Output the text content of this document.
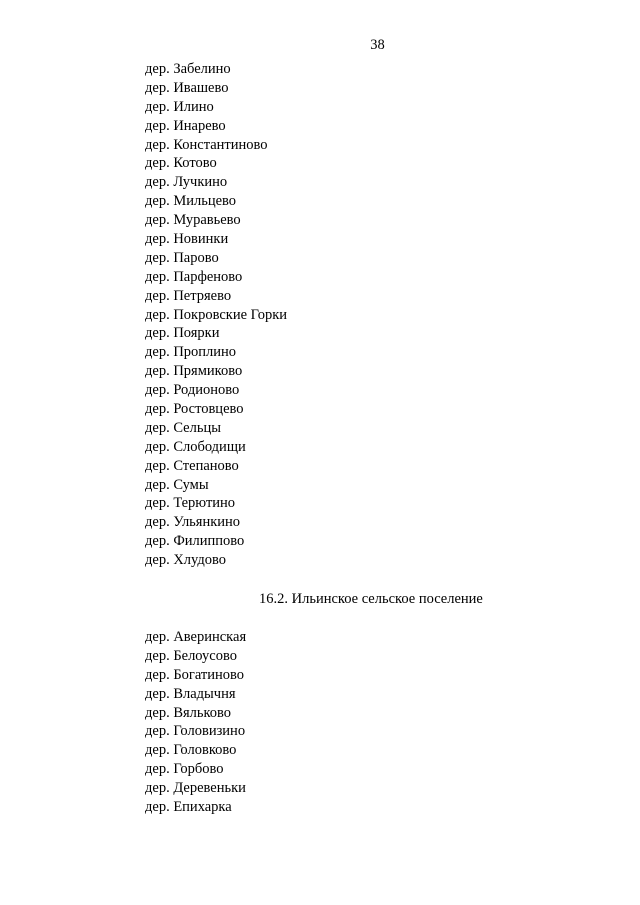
38
дер. Забелино
дер. Ивашево
дер. Илино
дер. Инарево
дер. Константиново
дер. Котово
дер. Лучкино
дер. Мильцево
дер. Муравьево
дер. Новинки
дер. Парово
дер. Парфеново
дер. Петряево
дер. Покровские Горки
дер. Поярки
дер. Проплино
дер. Прямиково
дер. Родионово
дер. Ростовцево
дер. Сельцы
дер. Слободищи
дер. Степаново
дер. Сумы
дер. Терютино
дер. Ульянкино
дер. Филиппово
дер. Хлудово
16.2. Ильинское сельское поселение
дер. Аверинская
дер. Белоусово
дер. Богатиново
дер. Владычня
дер. Вяльково
дер. Головизино
дер. Головково
дер. Горбово
дер. Деревеньки
дер. Епихарка
